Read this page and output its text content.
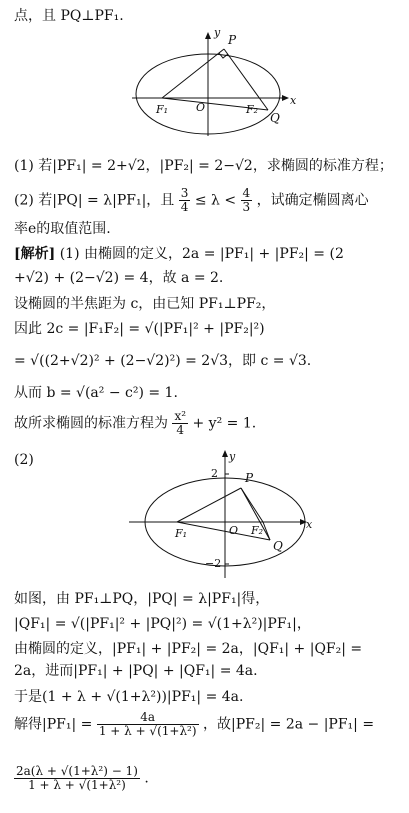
点，且 PQ⊥PF₁.
y
P
F₁	O	F₂
x
Q
(1) 若|PF₁| = 2+√2，|PF₂| = 2−√2，求椭圆的标准方程；
(2) 若|PQ| = λ|PF₁|，且 $\frac{3}{4} \le \lambda < \frac{4}{3}$ ，试确定椭圆离心
率e的取值范围.
[解析] (1) 由椭圆的定义，2a = |PF₁| + |PF₂| = (2
+√2) + (2−√2) = 4，故 a = 2.
设椭圆的半焦距为 c，由已知 PF₁⊥PF₂，
因此 2c = |F₁F₂| = √(|PF₁|² + |PF₂|²)
= √((2+√2)² + (2−√2)²) = 2√3，即 c = √3.
从而 b = √(a² − c²) = 1.
故所求椭圆的标准方程为 $\frac{\text{x²}}{4} + y^2 = 1$.
(2)	y
2 P
F₁	O F₂	x
Q
−2
如图，由 PF₁⊥PQ，|PQ| = λ|PF₁|得，
|QF₁| = √(|PF₁|² + |PQ|²) = √(1+λ²)|PF₁|，
由椭圆的定义，|PF₁| + |PF₂| = 2a，|QF₁| + |QF₂| =
2a，进而|PF₁| + |PQ| + |QF₁| = 4a.
于是(1 + λ + √(1+λ²))|PF₁| = 4a.
解得$|PF_1| = \frac{4a}{\text{1 + λ + √(1+λ²)}}$ ，故|PF₂| = 2a − |PF₁| =
$\frac{\text{2a(λ + √(1+λ²) − 1)}}{\text{1 + λ + √(1+λ²)}}$ .
